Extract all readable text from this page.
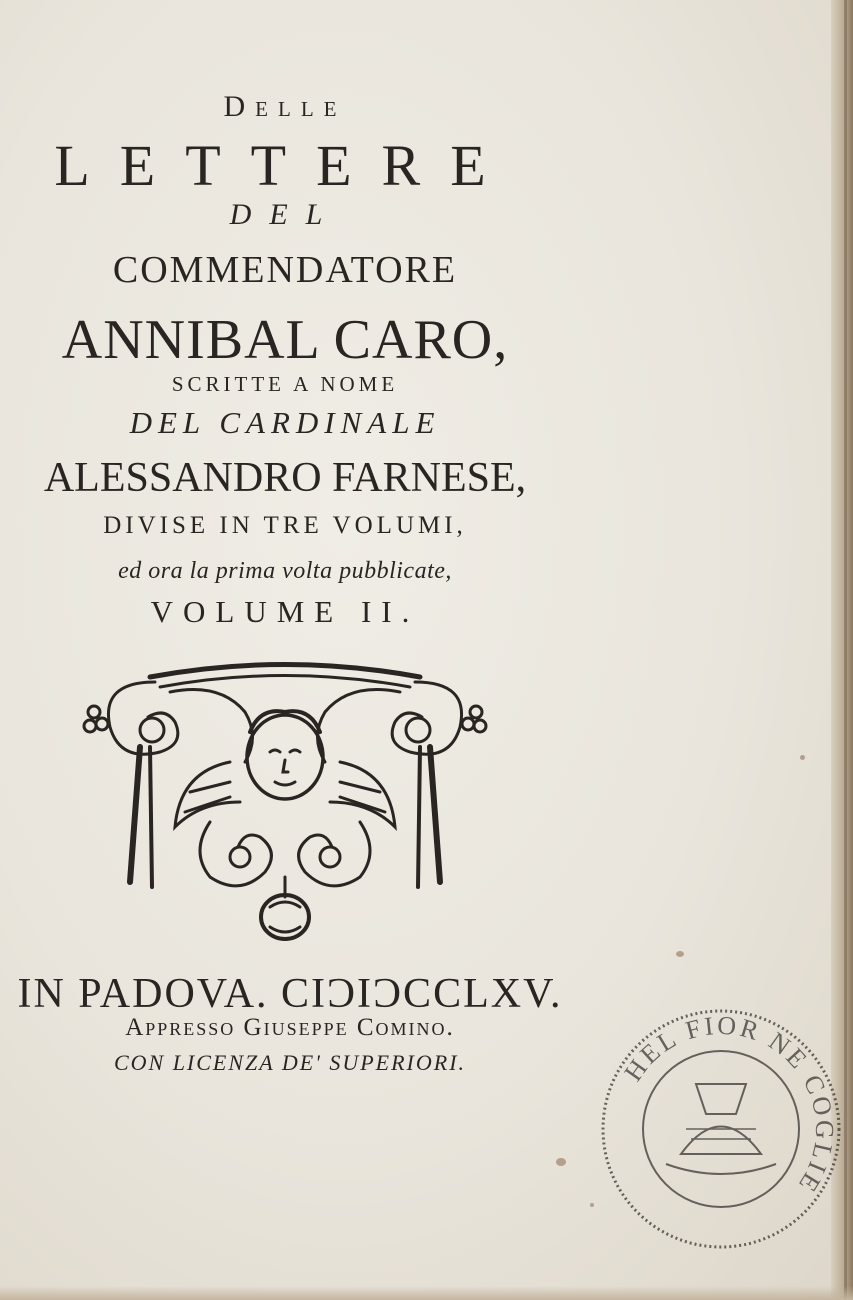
Delle
LETTERE
DEL
COMMENDATORE
ANNIBAL CARO,
SCRITTE A NOME
DEL CARDINALE
ALESSANDRO FARNESE,
DIVISE IN TRE VOLUMI,
ed ora la prima volta pubblicate,
VOLUME II.
IN PADOVA. CIƆIƆCCLXV.
Appresso Giuseppe Comino.
CON LICENZA DE' SUPERIORI.	HEL FIOR NE COGLIE
